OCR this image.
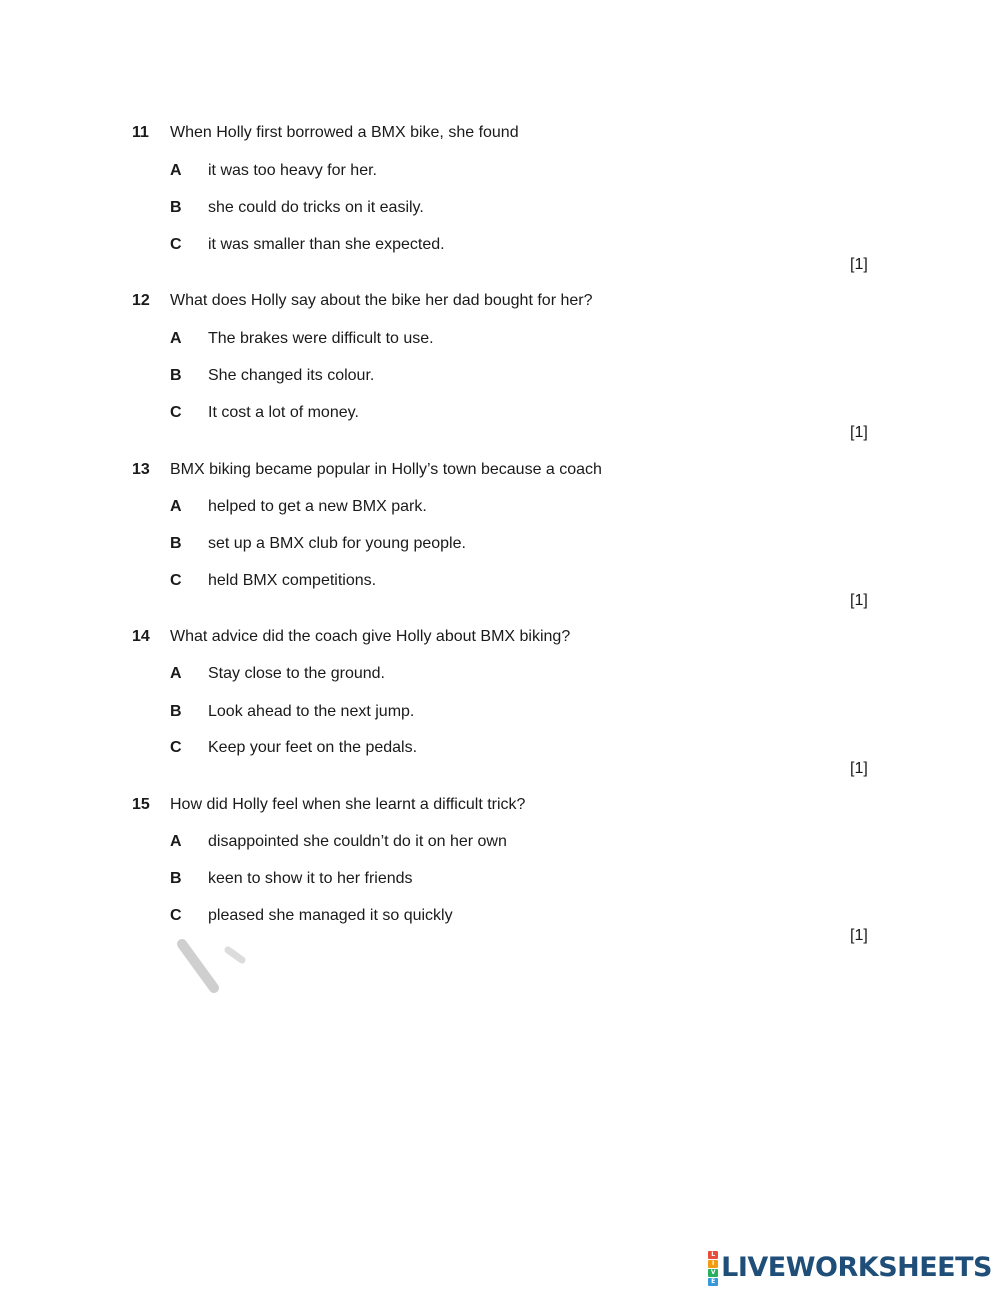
11 When Holly first borrowed a BMX bike, she found
A it was too heavy for her.
B she could do tricks on it easily.
C it was smaller than she expected.
[1]
12 What does Holly say about the bike her dad bought for her?
A The brakes were difficult to use.
B She changed its colour.
C It cost a lot of money.
[1]
13 BMX biking became popular in Holly’s town because a coach
A helped to get a new BMX park.
B set up a BMX club for young people.
C held BMX competitions.
[1]
14 What advice did the coach give Holly about BMX biking?
A Stay close to the ground.
B Look ahead to the next jump.
C Keep your feet on the pedals.
[1]
15 How did Holly feel when she learnt a difficult trick?
A disappointed she couldn’t do it on her own
B keen to show it to her friends
C pleased she managed it so quickly
[1]
L
I
V
E LIVEWORKSHEETS
